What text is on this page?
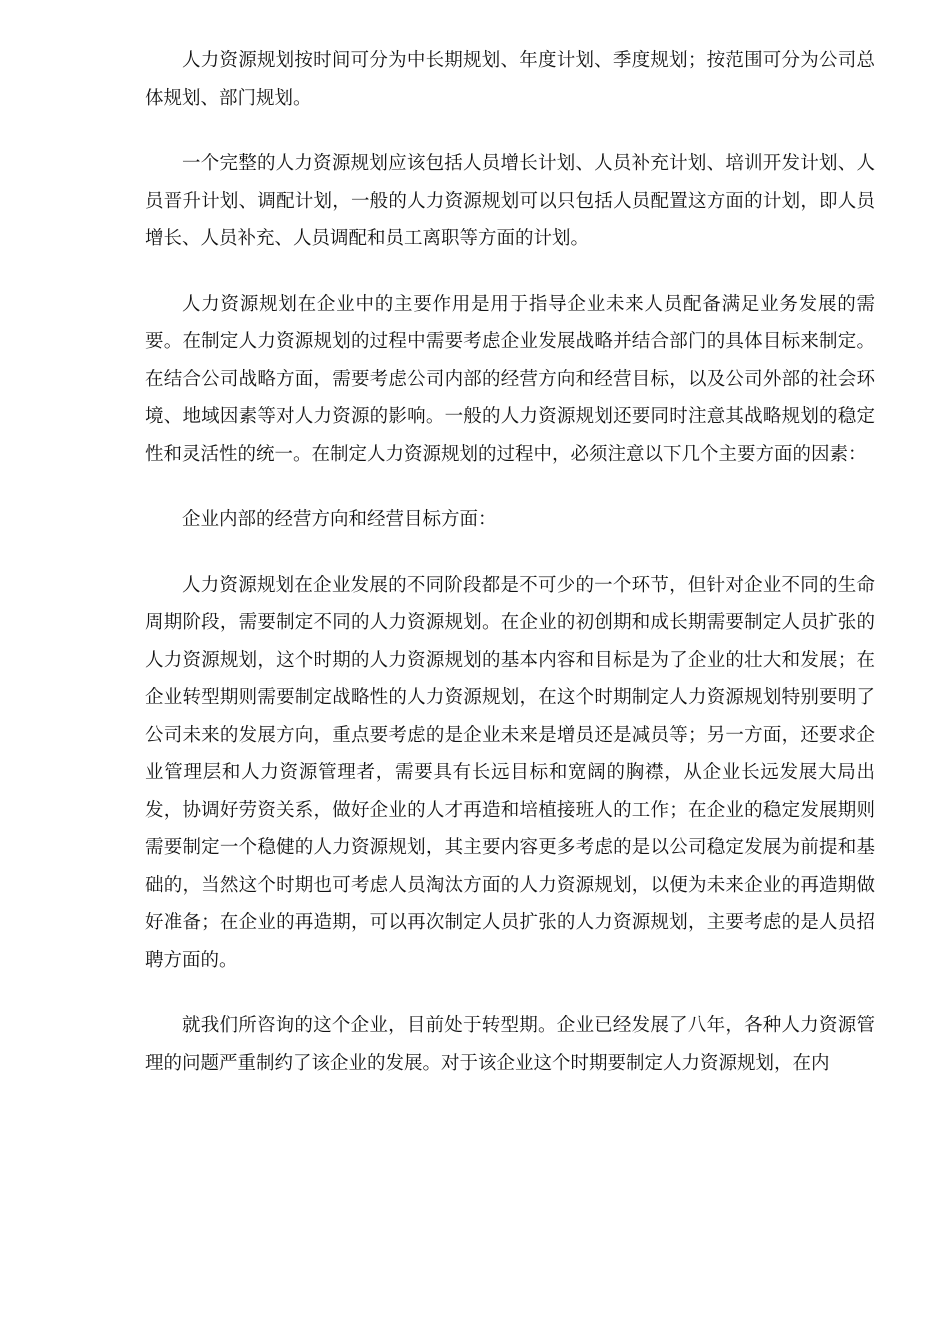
人力资源规划按时间可分为中长期规划、年度计划、季度规划；按范围可分为公司总体规划、部门规划。

一个完整的人力资源规划应该包括人员增长计划、人员补充计划、培训开发计划、人员晋升计划、调配计划，一般的人力资源规划可以只包括人员配置这方面的计划，即人员增长、人员补充、人员调配和员工离职等方面的计划。

人力资源规划在企业中的主要作用是用于指导企业未来人员配备满足业务发展的需要。在制定人力资源规划的过程中需要考虑企业发展战略并结合部门的具体目标来制定。在结合公司战略方面，需要考虑公司内部的经营方向和经营目标，以及公司外部的社会环境、地域因素等对人力资源的影响。一般的人力资源规划还要同时注意其战略规划的稳定性和灵活性的统一。在制定人力资源规划的过程中，必须注意以下几个主要方面的因素：

企业内部的经营方向和经营目标方面：

人力资源规划在企业发展的不同阶段都是不可少的一个环节，但针对企业不同的生命周期阶段，需要制定不同的人力资源规划。在企业的初创期和成长期需要制定人员扩张的人力资源规划，这个时期的人力资源规划的基本内容和目标是为了企业的壮大和发展；在企业转型期则需要制定战略性的人力资源规划，在这个时期制定人力资源规划特别要明了公司未来的发展方向，重点要考虑的是企业未来是增员还是减员等；另一方面，还要求企业管理层和人力资源管理者，需要具有长远目标和宽阔的胸襟，从企业长远发展大局出发，协调好劳资关系，做好企业的人才再造和培植接班人的工作；在企业的稳定发展期则需要制定一个稳健的人力资源规划，其主要内容更多考虑的是以公司稳定发展为前提和基础的，当然这个时期也可考虑人员淘汰方面的人力资源规划，以便为未来企业的再造期做好准备；在企业的再造期，可以再次制定人员扩张的人力资源规划，主要考虑的是人员招聘方面的。

就我们所咨询的这个企业，目前处于转型期。企业已经发展了八年，各种人力资源管理的问题严重制约了该企业的发展。对于该企业这个时期要制定人力资源规划，在内
